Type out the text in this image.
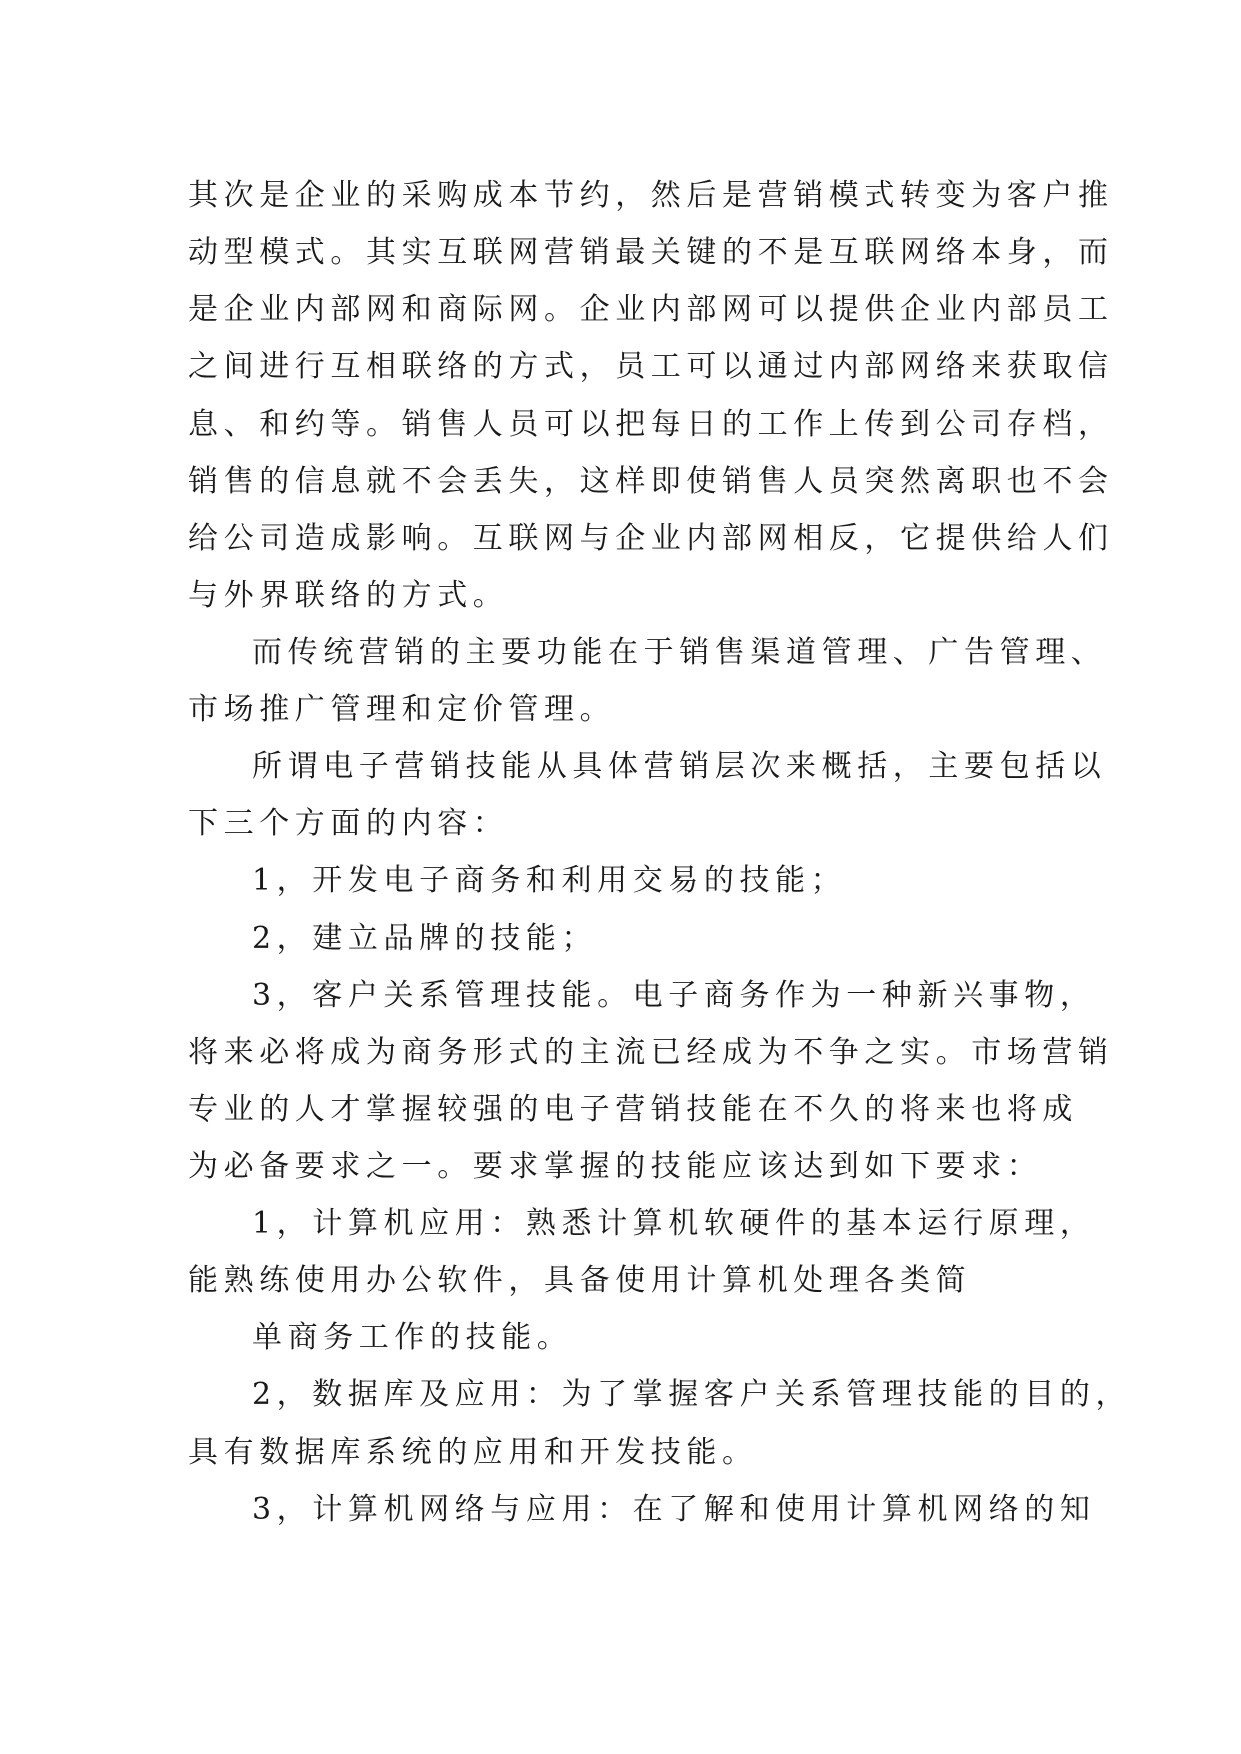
其次是企业的采购成本节约，然后是营销模式转变为客户推
动型模式。其实互联网营销最关键的不是互联网络本身，而
是企业内部网和商际网。企业内部网可以提供企业内部员工
之间进行互相联络的方式，员工可以通过内部网络来获取信
息、和约等。销售人员可以把每日的工作上传到公司存档，
销售的信息就不会丢失，这样即使销售人员突然离职也不会
给公司造成影响。互联网与企业内部网相反，它提供给人们
与外界联络的方式。
而传统营销的主要功能在于销售渠道管理、广告管理、
市场推广管理和定价管理。
所谓电子营销技能从具体营销层次来概括，主要包括以
下三个方面的内容：
1，开发电子商务和利用交易的技能；
2，建立品牌的技能；
3，客户关系管理技能。电子商务作为一种新兴事物，
将来必将成为商务形式的主流已经成为不争之实。市场营销
专业的人才掌握较强的电子营销技能在不久的将来也将成
为必备要求之一。要求掌握的技能应该达到如下要求：
1，计算机应用：熟悉计算机软硬件的基本运行原理，
能熟练使用办公软件，具备使用计算机处理各类简
单商务工作的技能。
2，数据库及应用：为了掌握客户关系管理技能的目的，
具有数据库系统的应用和开发技能。
3，计算机网络与应用：在了解和使用计算机网络的知
